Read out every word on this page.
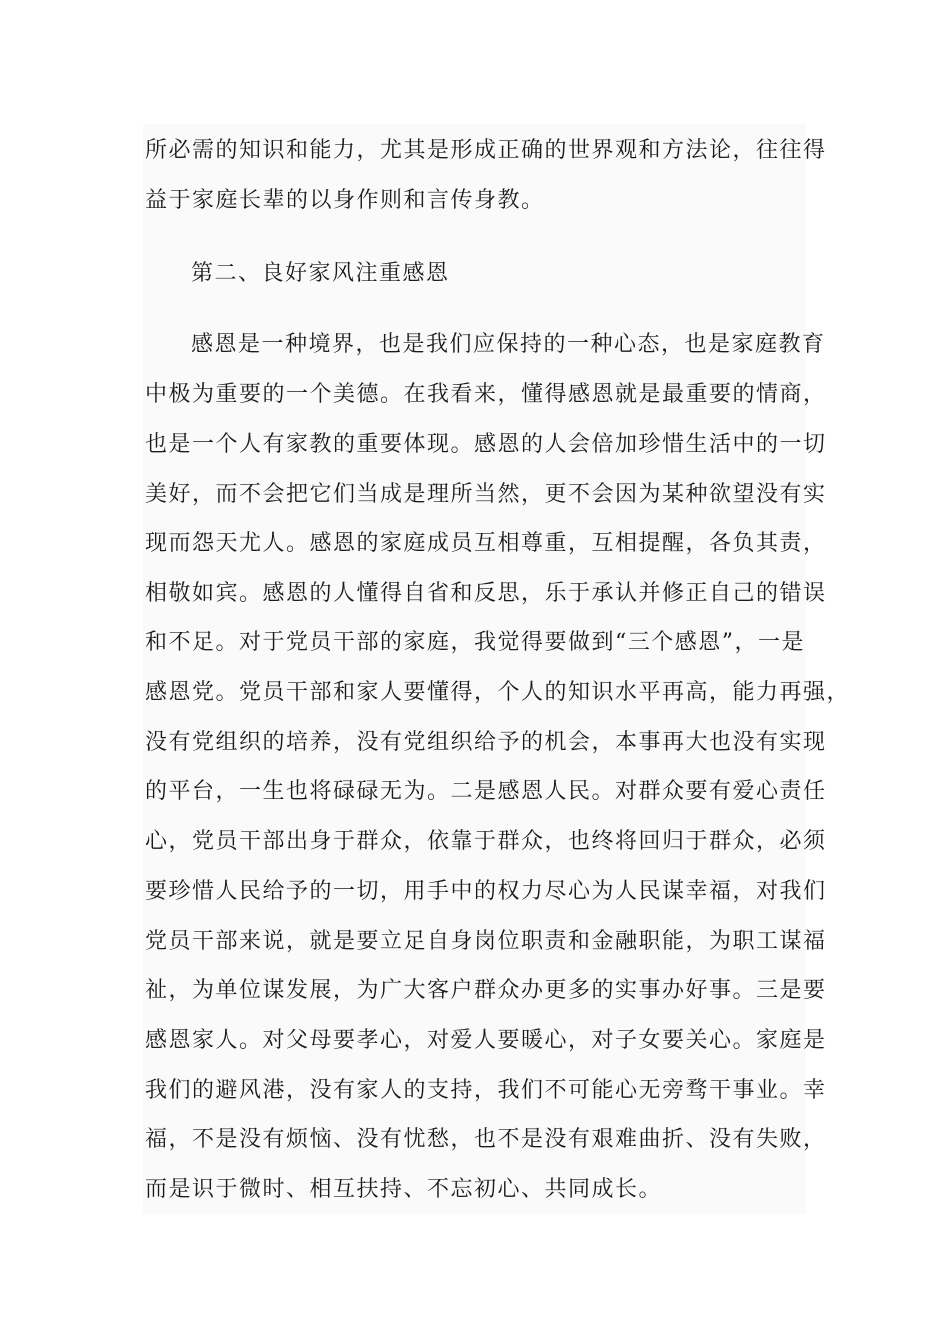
所必需的知识和能力，尤其是形成正确的世界观和方法论，往往得
益于家庭长辈的以身作则和言传身教。
第二、良好家风注重感恩
感恩是一种境界，也是我们应保持的一种心态，也是家庭教育
中极为重要的一个美德。在我看来，懂得感恩就是最重要的情商，
也是一个人有家教的重要体现。感恩的人会倍加珍惜生活中的一切
美好，而不会把它们当成是理所当然，更不会因为某种欲望没有实
现而怨天尤人。感恩的家庭成员互相尊重，互相提醒，各负其责，
相敬如宾。感恩的人懂得自省和反思，乐于承认并修正自己的错误
和不足。对于党员干部的家庭，我觉得要做到“三个感恩”，一是
感恩党。党员干部和家人要懂得，个人的知识水平再高，能力再强，
没有党组织的培养，没有党组织给予的机会，本事再大也没有实现
的平台，一生也将碌碌无为。二是感恩人民。对群众要有爱心责任
心，党员干部出身于群众，依靠于群众，也终将回归于群众，必须
要珍惜人民给予的一切，用手中的权力尽心为人民谋幸福，对我们
党员干部来说，就是要立足自身岗位职责和金融职能，为职工谋福
祉，为单位谋发展，为广大客户群众办更多的实事办好事。三是要
感恩家人。对父母要孝心，对爱人要暖心，对子女要关心。家庭是
我们的避风港，没有家人的支持，我们不可能心无旁骛干事业。幸
福，不是没有烦恼、没有忧愁，也不是没有艰难曲折、没有失败，
而是识于微时、相互扶持、不忘初心、共同成长。
